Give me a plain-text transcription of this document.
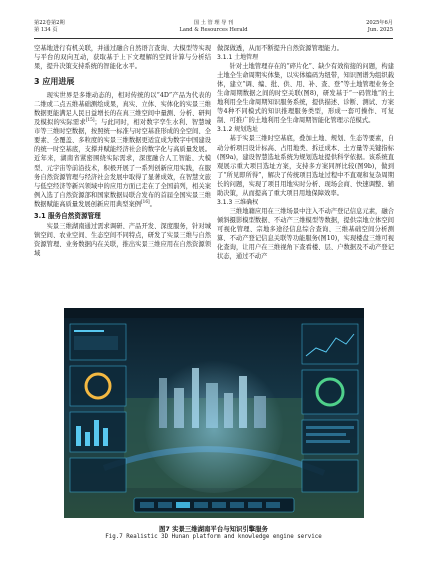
第22卷第2期
第 134 页
国 土 管 理 导 刊
Land & Resources Herald
2025年6月
Jun. 2025

空基地进行有机关联，并通过融合自然语言查询、大模型等实现与平台的双向互动，获取基于上下文理解的空间计算与分析结果，提升决策支持系统的智能化水平。

3 应用进展

现实世界是多维动态的，相对传统的以“4D”产品为代表的二维或二点五维基础测绘成果，真实、立体、实体化的实景三维数据更能满足人民日益增长的在真三维空间中量测、分析、研判及模拟的实际需求[15]；与此同时，相对数字孪生水利、智慧城市等三维时空数据，按照统一标准与时空基准形成的全空间、全要素、全覆盖、多粒度的实景三维数据更适宜成为数字中国建设的统一时空基底，支撑并赋能经济社会的数字化与高质量发展。近年来，湖南省紧密围绕实际需求，深度融合人工智能、大模型、元宇宙等前沿技术，积极开展了一系列创新应用实践，在服务自然资源管理与经济社会发展中取得了显著成效，在智慧文旅与低空经济等新兴领域中的应用方面已走在了全国前列，相关案例入选了自然资源部和国家数据局联合发布的首届全国实景三维数据赋能高质量发展创新应用典型案例[16]。

3.1 服务自然资源管理

实景三维湖南通过需求调研、产品开发、深度服务，针对城镇空间、农业空间、生态空间不同特点，研发了实景三维与自然资源管理、业务数据内在关联，推出实景三维应用在自然资源领域

做深做透，从而不断提升自然资源管理能力。

3.1.1 土地管理

针对土地管理存在的“碎片化”、缺少有效衔接的问题，构建土地全生命周期实体集，以实体编码为纽带，知识图谱为组织载体，建立“调、编、批、供、用、补、查、登”等土地管理业务全生命周期数据之间的时空关联(图8)，研发基于“一码管地”的土地利用全生命周期知识服务系统，提供描述、诊断、测试、方案等4种不同模式的知识推理服务类型，形成一套可操作、可复制、可推广的土地利用全生命周期智能化管理示范模式。

3.1.2 规划选址

基于实景三维时空基底，叠加土地、规划、生态等要素，自动分析项目设计标高、占用地类、拆迁成本、土方量等关键指标(图9a)，建设智慧选址系统为规划选址提供科学依据。该系统直观展示重大项目选址方案，支持多方案同屏比较(图9b)，做到了“所见即所得”，解决了传统项目选址过程中不直观和复杂周期长的问题，实现了项目用地实时分析、现场会商、快速调整、辅助决策，从而提高了重大项目用地保障效率。

3.1.3 三维确权

三维地籍应用在三维场景中注入不动产登记信息元素，融合倾斜摄影模型数据、不动产三维模型等数据，提供宗地立体空间可视化管理、宗地多途径信息综合查询、三维基础空间分析测算、不动产登记信息关联等功能服务(图10)，实现楼盘三维可视化查询，让用户在三维视角下查看楼、层、户数据及不动产登记状态，通过不动产

图7 实景三维湖南平台与知识引擎服务
Fig.7 Realistic 3D Hunan platform and knowledge engine service
